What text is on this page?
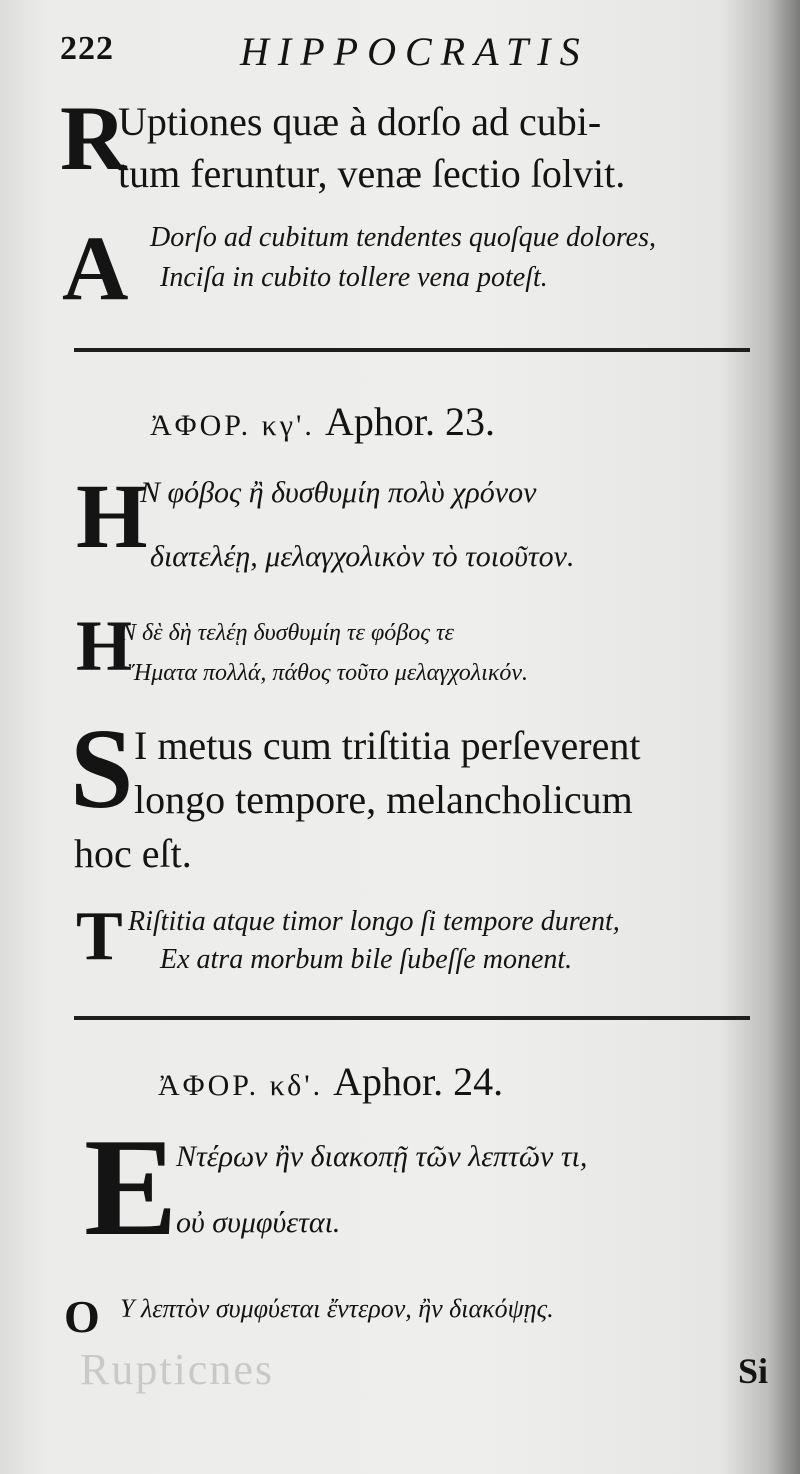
Rupticnes
222	HIPPOCRATIS
R
Uptiones quæ à dorſo ad cubi-
tum feruntur, venæ ſectio ſolvit.
A Dorſo ad cubitum tendentes quoſque dolores,
Inciſa in cubito tollere vena poteſt.
ἈΦΟΡ. κγ'. Aphor. 23.
H
Ν φόβος ἢ δυσθυμίη πολὺ χρόνον
διατελέῃ, μελαγχολικὸν τὸ τοιοῦτον.
H
Ν δὲ δὴ τελέῃ δυσθυμίη τε φόβος τε
Ἤματα πολλά, πάθος τοῦτο μελαγχολικόν.
S I metus cum triſtitia perſeverent
longo tempore, melancholicum
hoc eſt.
T Riſtitia atque timor longo ſi tempore durent,
Ex atra morbum bile ſubeſſe monent.
ἈΦΟΡ. κδ'. Aphor. 24.
E
Ντέρων ἢν διακοπῇ τῶν λεπτῶν τι,
οὐ συμφύεται.
O Υ λεπτὸν συμφύεται ἔντερον, ἢν διακόψῃς.
Si
